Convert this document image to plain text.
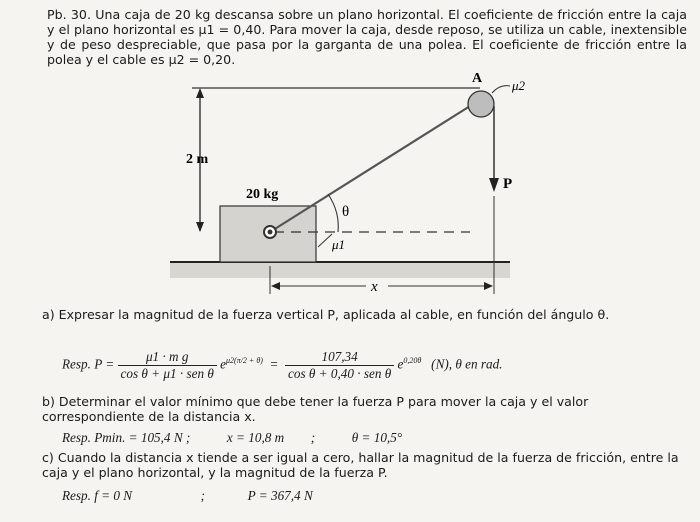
Pb. 30. Una caja de 20 kg descansa sobre un plano horizontal. El coeficiente de fricción entre la caja y el plano horizontal es μ1 = 0,40. Para mover la caja, desde reposo, se utiliza un cable, inextensible y de peso despreciable, que pasa por la garganta de una polea. El coeficiente de fricción entre la polea y el cable es μ2 = 0,20.
2 m
20 kg
θ
μ1
A μ2
P
x
a) Expresar la magnitud de la fuerza vertical P, aplicada al cable, en función del ángulo θ.
Resp. $P = \frac{\text{μ1 · m g}}{\text{cos θ + μ1 · sen θ}} e^{\mu 2(\pi/2 + \theta)} = \frac{107,34}{\text{cos θ + 0,40 · sen θ}} e^{0,20\theta}$ (N), θ en rad.
b) Determinar el valor mínimo que debe tener la fuerza P para mover la caja y el valor correspondiente de la distancia x.
Resp. Pmin. = 105,4 N ;	x = 10,8 m ;	θ = 10,5°
c) Cuando la distancia x tiende a ser igual a cero, hallar la magnitud de la fuerza de fricción, entre la caja y el plano horizontal, y la magnitud de la fuerza P.
Resp. f = 0 N	;	P = 367,4 N
